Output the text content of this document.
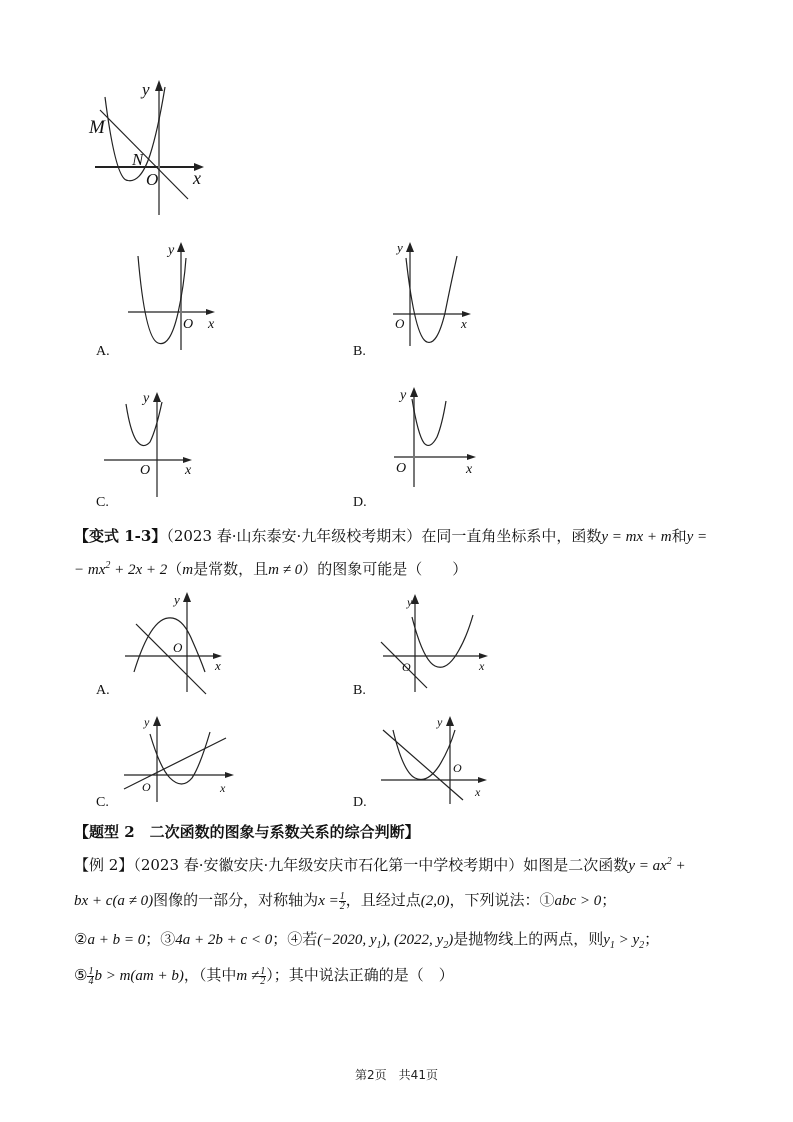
y
M
N
O x
y
O x
A.
y
O	x
B.
y
O x
C.
y
O	x
D.
【变式 1-3】（2023 春·山东泰安·九年级校考期末）在同一直角坐标系中，函数y = mx + m和y =
− $mx^2 + 2x + 2(m$是常数，且m ≠ 0）的图象可能是（　　）
y
O
x
A.
y
O	x
B.
y
O	x
C.
y
O
x
D.
【题型 2　二次函数的图象与系数关系的综合判断】
【例 2】（2023 春·安徽安庆·九年级安庆市石化第一中学校考期中）如图是二次函数$y = ax^2$ +
bx + c(a ≠ 0)图像的一部分，对称轴为$x = \frac{1}{2}$ ，且经过点(2,0)，下列说法：①abc > 0；
②a + b = 0；③4a + 2b + c < 0；④若(−2020, $y_1$), (2022, $y_2$)是抛物线上的两点，则$y_1 > y_2$；
⑤ $\frac{1}{4}$ b > m(am + b)，（其中$m \ne \frac{1}{2}$ ）；其中说法正确的是（　）
第2页　共41页
